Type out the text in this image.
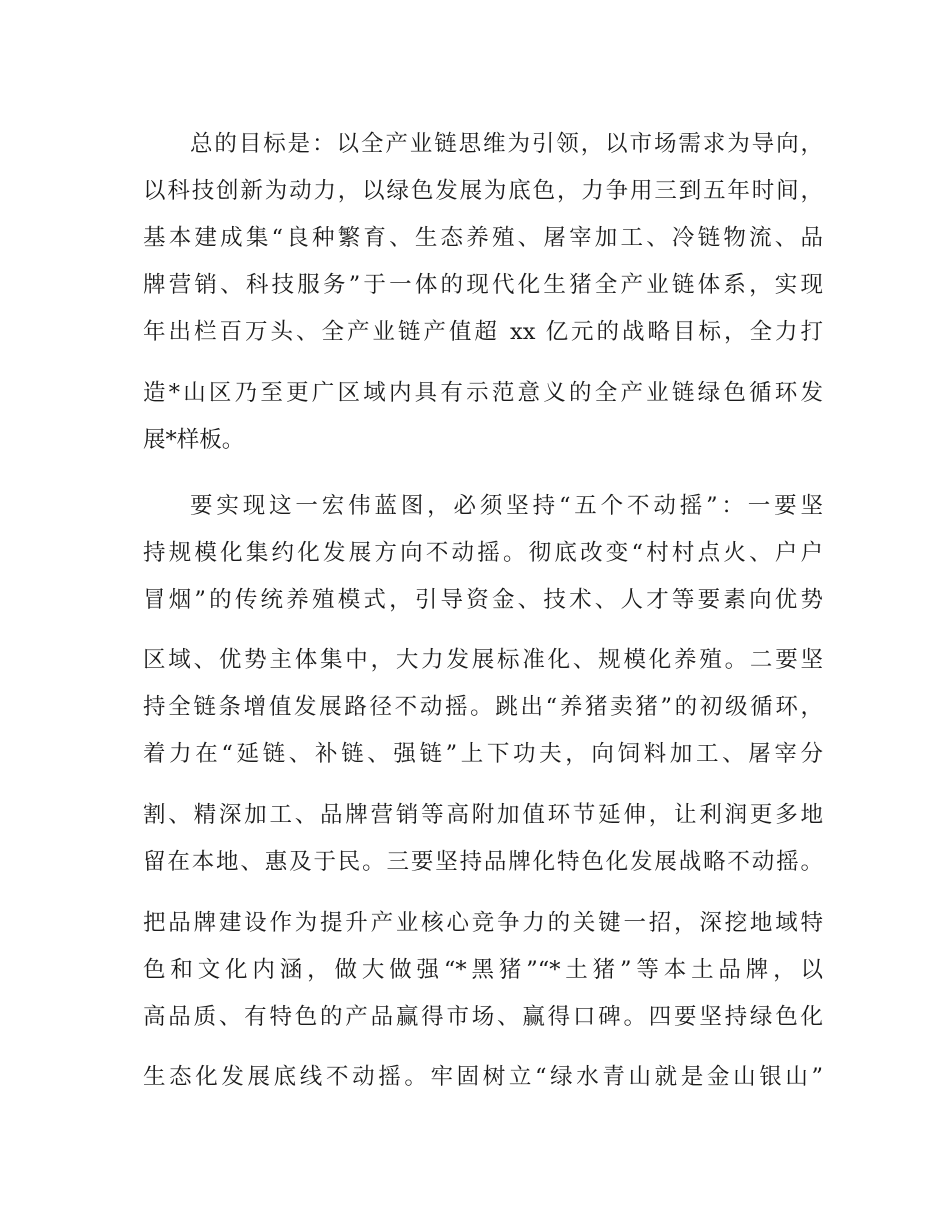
总的目标是：以全产业链思维为引领，以市场需求为导向，
以科技创新为动力，以绿色发展为底色，力争用三到五年时间，
基本建成集“良种繁育、生态养殖、屠宰加工、冷链物流、品
牌营销、科技服务”于一体的现代化生猪全产业链体系，实现
年出栏百万头、全产业链产值超 xx 亿元的战略目标，全力打
造*山区乃至更广区域内具有示范意义的全产业链绿色循环发
展*样板。
要实现这一宏伟蓝图，必须坚持“五个不动摇”：一要坚
持规模化集约化发展方向不动摇。彻底改变“村村点火、户户
冒烟”的传统养殖模式，引导资金、技术、人才等要素向优势
区域、优势主体集中，大力发展标准化、规模化养殖。二要坚
持全链条增值发展路径不动摇。跳出“养猪卖猪”的初级循环，
着力在“延链、补链、强链”上下功夫，向饲料加工、屠宰分
割、精深加工、品牌营销等高附加值环节延伸，让利润更多地
留在本地、惠及于民。三要坚持品牌化特色化发展战略不动摇。
把品牌建设作为提升产业核心竞争力的关键一招，深挖地域特
色和文化内涵，做大做强“*黑猪”“*土猪”等本土品牌，以
高品质、有特色的产品赢得市场、赢得口碑。四要坚持绿色化
生态化发展底线不动摇。牢固树立“绿水青山就是金山银山”
